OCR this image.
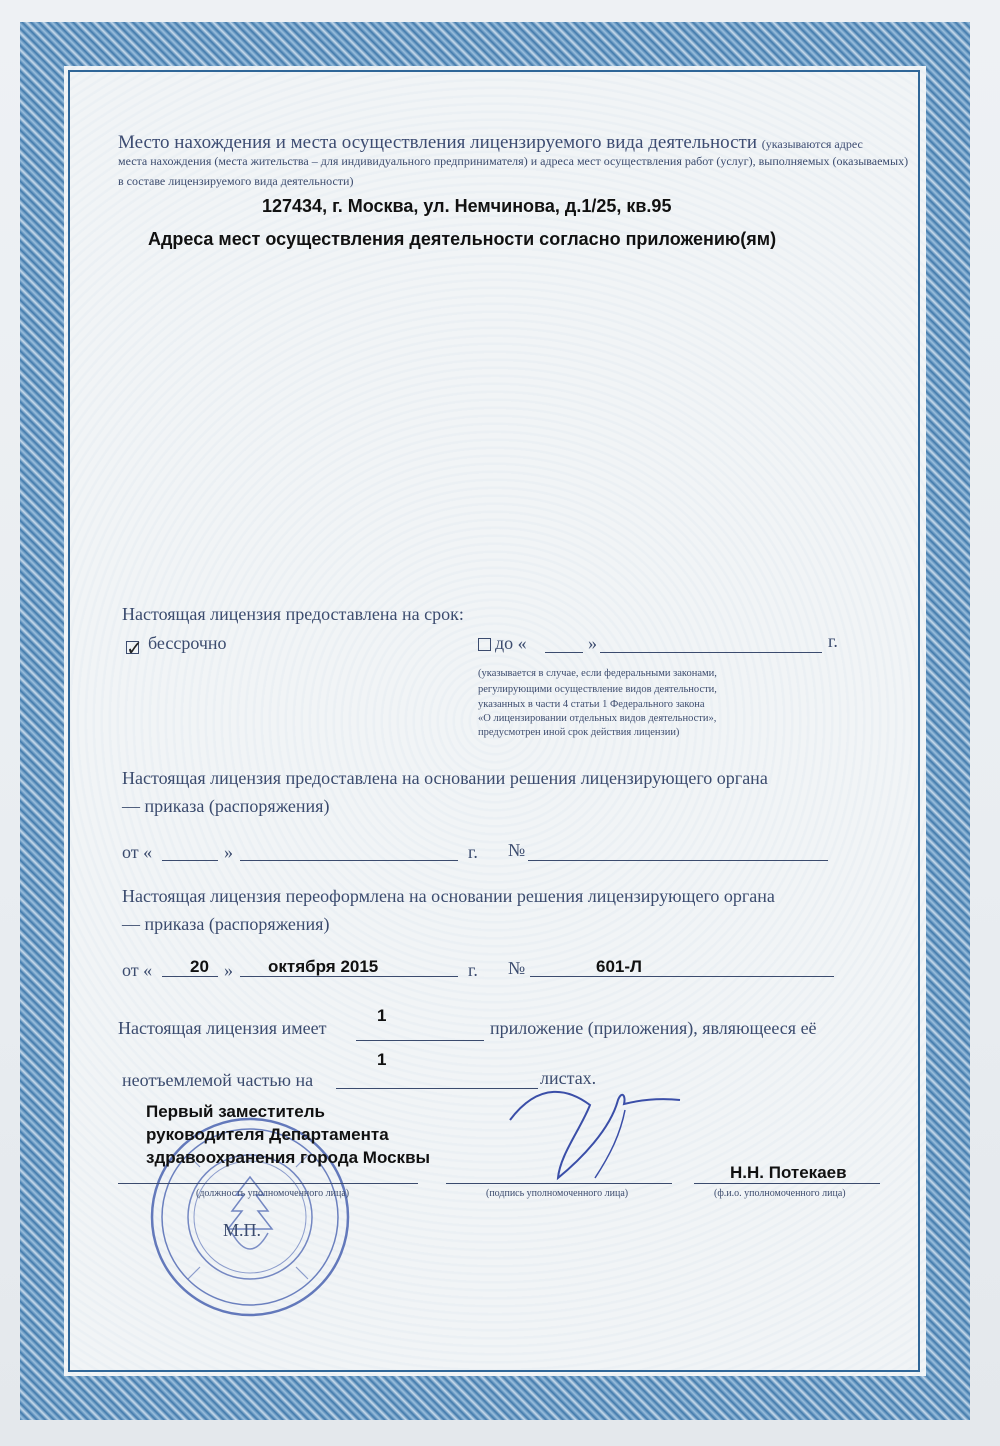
Место нахождения и места осуществления лицензируемого вида деятельности (указываются адрес
места нахождения (места жительства – для индивидуального предпринимателя) и адреса мест осуществления работ (услуг), выполняемых (оказываемых)
в составе лицензируемого вида деятельности)
127434, г. Москва, ул. Немчинова, д.1/25, кв.95
Адреса мест осуществления деятельности согласно приложению(ям)
Настоящая лицензия предоставлена на срок:
✓ бессрочно	до «	»	г.
(указывается в случае, если федеральными законами,
регулирующими осуществление видов деятельности,
указанных в части 4 статьи 1 Федерального закона
«О лицензировании отдельных видов деятельности»,
предусмотрен иной срок действия лицензии)
Настоящая лицензия предоставлена на основании решения лицензирующего органа
— приказа (распоряжения)
от «	»	г. №
Настоящая лицензия переоформлена на основании решения лицензирующего органа
— приказа (распоряжения)
от « 20 » октября 2015	г. №	601-Л
1
Настоящая лицензия имеет	приложение (приложения), являющееся её
1
неотъемлемой частью на	листах.
М.П.
Первый заместитель руководителя Департамента здравоохранения города Москвы
(должность уполномоченного лица)	(подпись уполномоченного лица)
Н.Н. Потекаев
(ф.и.о. уполномоченного лица)
